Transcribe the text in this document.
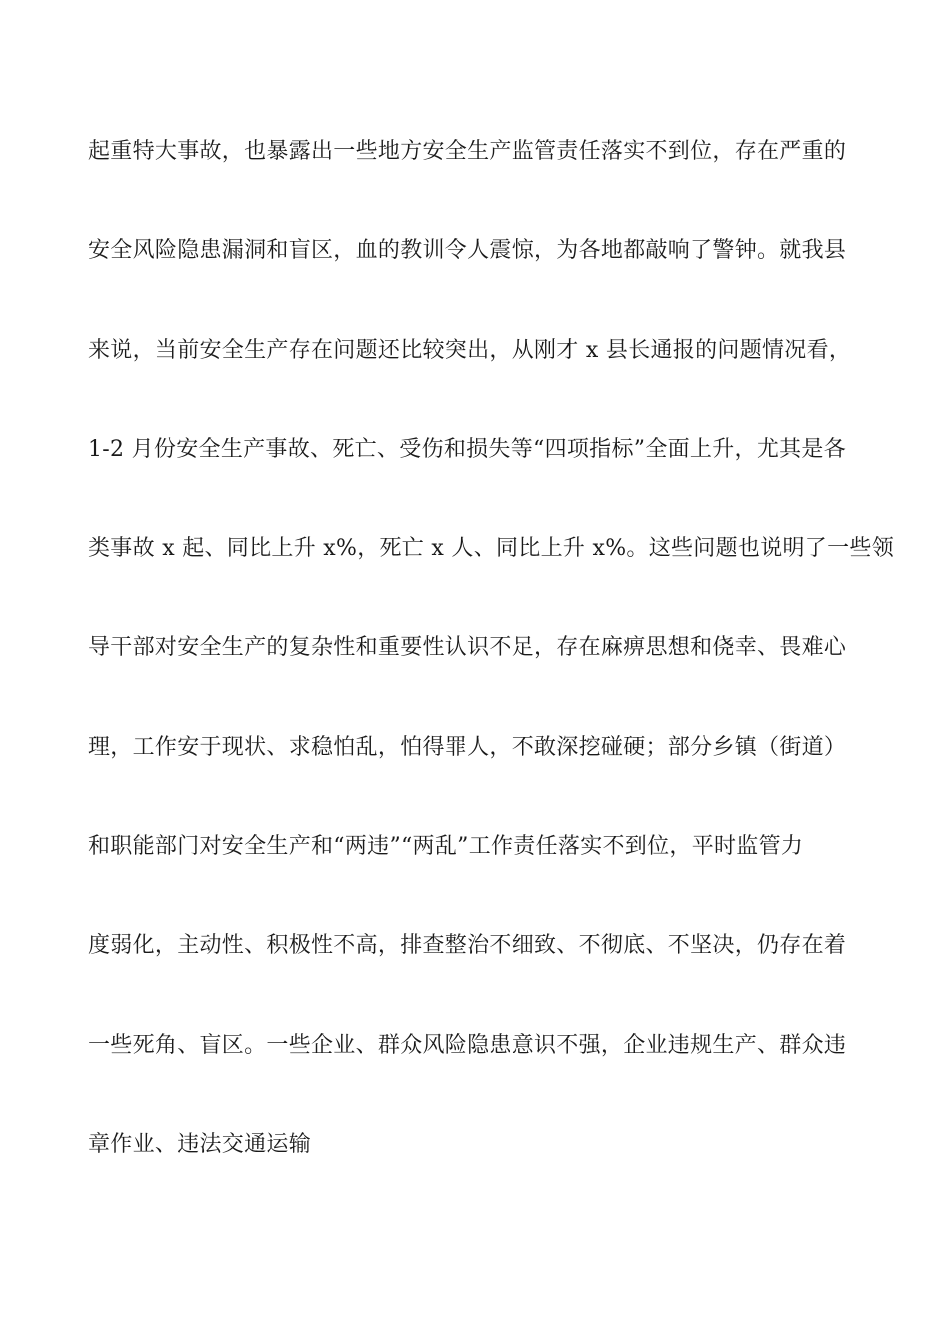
起重特大事故，也暴露出一些地方安全生产监管责任落实不到位，存在严重的
安全风险隐患漏洞和盲区，血的教训令人震惊，为各地都敲响了警钟。就我县
来说，当前安全生产存在问题还比较突出，从刚才 x 县长通报的问题情况看，
1-2 月份安全生产事故、死亡、受伤和损失等“四项指标”全面上升，尤其是各
类事故 x 起、同比上升 x%，死亡 x 人、同比上升 x%。这些问题也说明了一些领
导干部对安全生产的复杂性和重要性认识不足，存在麻痹思想和侥幸、畏难心
理，工作安于现状、求稳怕乱，怕得罪人，不敢深挖碰硬；部分乡镇（街道）
和职能部门对安全生产和“两违”“两乱”工作责任落实不到位，平时监管力
度弱化，主动性、积极性不高，排查整治不细致、不彻底、不坚决，仍存在着
一些死角、盲区。一些企业、群众风险隐患意识不强，企业违规生产、群众违
章作业、违法交通运输
